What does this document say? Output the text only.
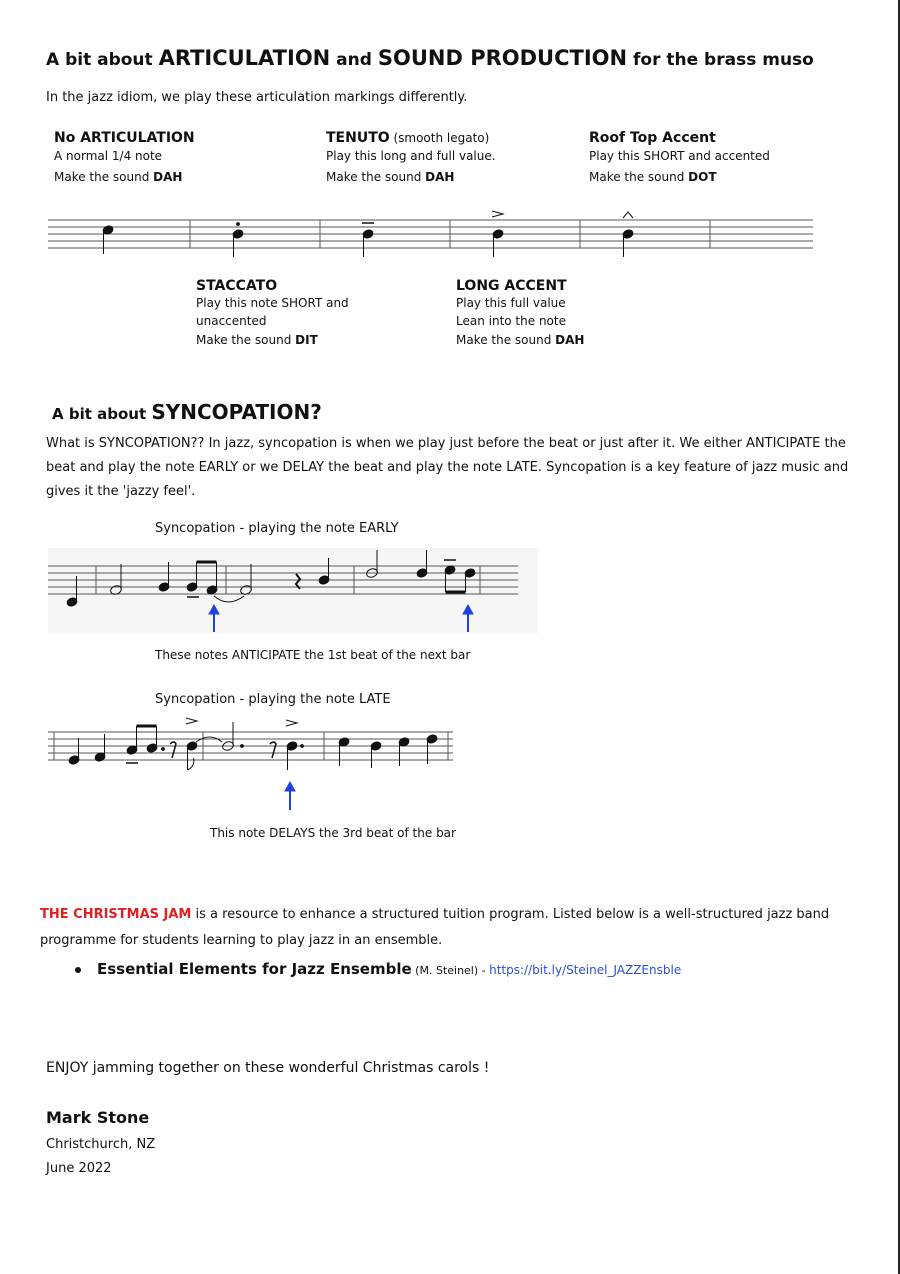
A bit about ARTICULATION and SOUND PRODUCTION for the brass muso
In the jazz idiom, we play these articulation markings differently.
No ARTICULATION
A normal 1/4 note
Make the sound DAH
TENUTO (smooth legato)
Play this long and full value.
Make the sound DAH
Roof Top Accent
Play this SHORT and accented
Make the sound DOT
STACCATO
Play this note SHORT and
unaccented
Make the sound DIT
LONG ACCENT
Play this full value
Lean into the note
Make the sound DAH
A bit about SYNCOPATION?
What is SYNCOPATION?? In jazz, syncopation is when we play just before the beat or just after it. We either ANTICIPATE the beat and play the note EARLY or we DELAY the beat and play the note LATE. Syncopation is a key feature of jazz music and gives it the 'jazzy feel'.
Syncopation - playing the note EARLY
These notes ANTICIPATE the 1st beat of the next bar
Syncopation - playing the note LATE
This note DELAYS the 3rd beat of the bar
THE CHRISTMAS JAM is a resource to enhance a structured tuition program. Listed below is a well-structured jazz band programme for students learning to play jazz in an ensemble.
Essential Elements for Jazz Ensemble (M. Steinel) - https://bit.ly/Steinel_JAZZEnsble
ENJOY jamming together on these wonderful Christmas carols !
Mark Stone
Christchurch, NZ
June 2022
